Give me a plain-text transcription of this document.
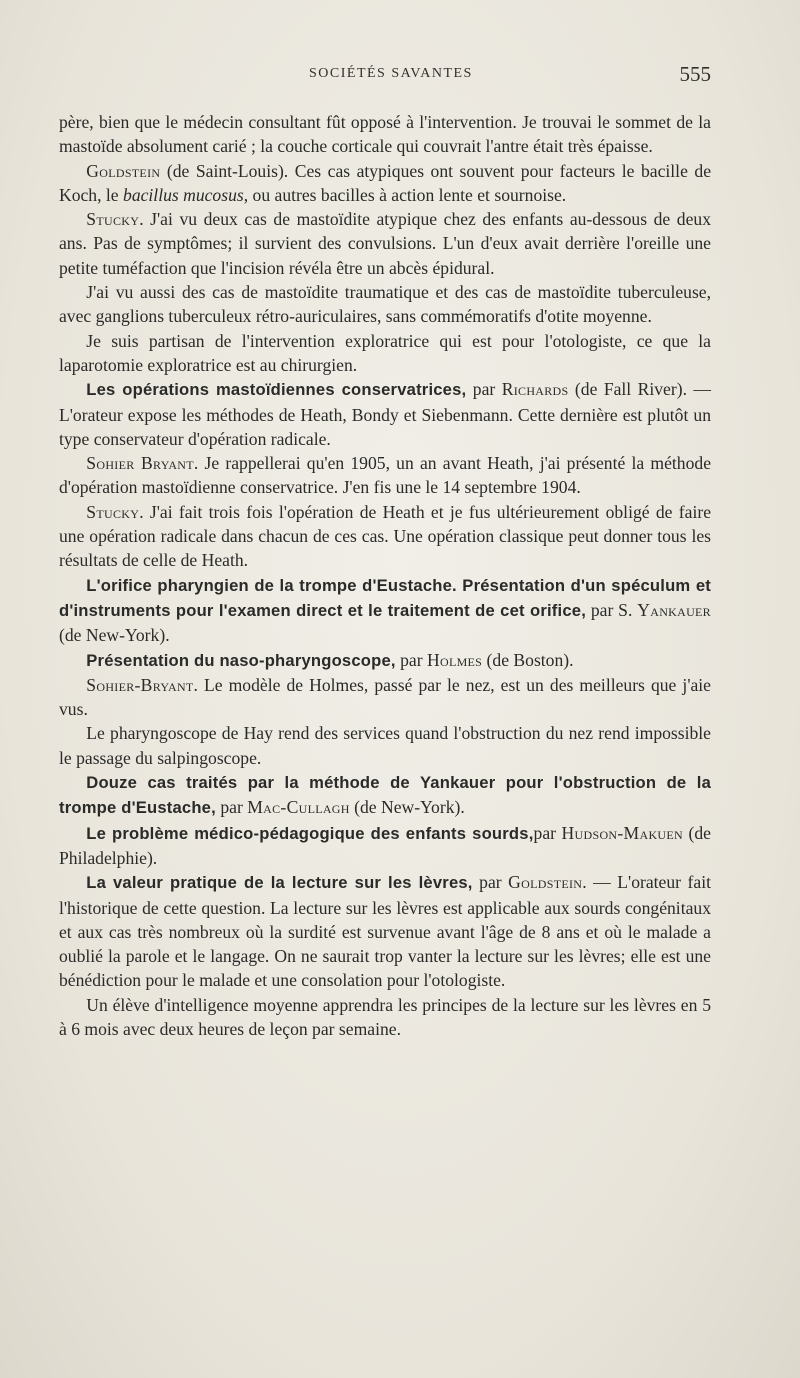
SOCIÉTÉS SAVANTES	555

père, bien que le médecin consultant fût opposé à l'intervention. Je trouvai le sommet de la mastoïde absolument carié ; la couche corticale qui couvrait l'antre était très épaisse.

Goldstein (de Saint-Louis). Ces cas atypiques ont souvent pour facteurs le bacille de Koch, le bacillus mucosus, ou autres bacilles à action lente et sournoise.

Stucky. J'ai vu deux cas de mastoïdite atypique chez des enfants au-dessous de deux ans. Pas de symptômes; il survient des convulsions. L'un d'eux avait derrière l'oreille une petite tuméfaction que l'incision révéla être un abcès épidural.

J'ai vu aussi des cas de mastoïdite traumatique et des cas de mastoïdite tuberculeuse, avec ganglions tuberculeux rétro-auriculaires, sans commémoratifs d'otite moyenne.

Je suis partisan de l'intervention exploratrice qui est pour l'otologiste, ce que la laparotomie exploratrice est au chirurgien.

Les opérations mastoïdiennes conservatrices, par Richards (de Fall River). — L'orateur expose les méthodes de Heath, Bondy et Siebenmann. Cette dernière est plutôt un type conservateur d'opération radicale.

Sohier Bryant. Je rappellerai qu'en 1905, un an avant Heath, j'ai présenté la méthode d'opération mastoïdienne conservatrice. J'en fis une le 14 septembre 1904.

Stucky. J'ai fait trois fois l'opération de Heath et je fus ultérieurement obligé de faire une opération radicale dans chacun de ces cas. Une opération classique peut donner tous les résultats de celle de Heath.

L'orifice pharyngien de la trompe d'Eustache. Présentation d'un spéculum et d'instruments pour l'examen direct et le traitement de cet orifice, par S. Yankauer (de New-York).

Présentation du naso-pharyngoscope, par Holmes (de Boston).

Sohier-Bryant. Le modèle de Holmes, passé par le nez, est un des meilleurs que j'aie vus.

Le pharyngoscope de Hay rend des services quand l'obstruction du nez rend impossible le passage du salpingoscope.

Douze cas traités par la méthode de Yankauer pour l'obstruction de la trompe d'Eustache, par Mac-Cullagh (de New-York).

Le problème médico-pédagogique des enfants sourds,par Hudson-Makuen (de Philadelphie).

La valeur pratique de la lecture sur les lèvres, par Goldstein. — L'orateur fait l'historique de cette question. La lecture sur les lèvres est applicable aux sourds congénitaux et aux cas très nombreux où la surdité est survenue avant l'âge de 8 ans et où le malade a oublié la parole et le langage. On ne saurait trop vanter la lecture sur les lèvres; elle est une bénédiction pour le malade et une consolation pour l'otologiste.

Un élève d'intelligence moyenne apprendra les principes de la lecture sur les lèvres en 5 à 6 mois avec deux heures de leçon par semaine.
